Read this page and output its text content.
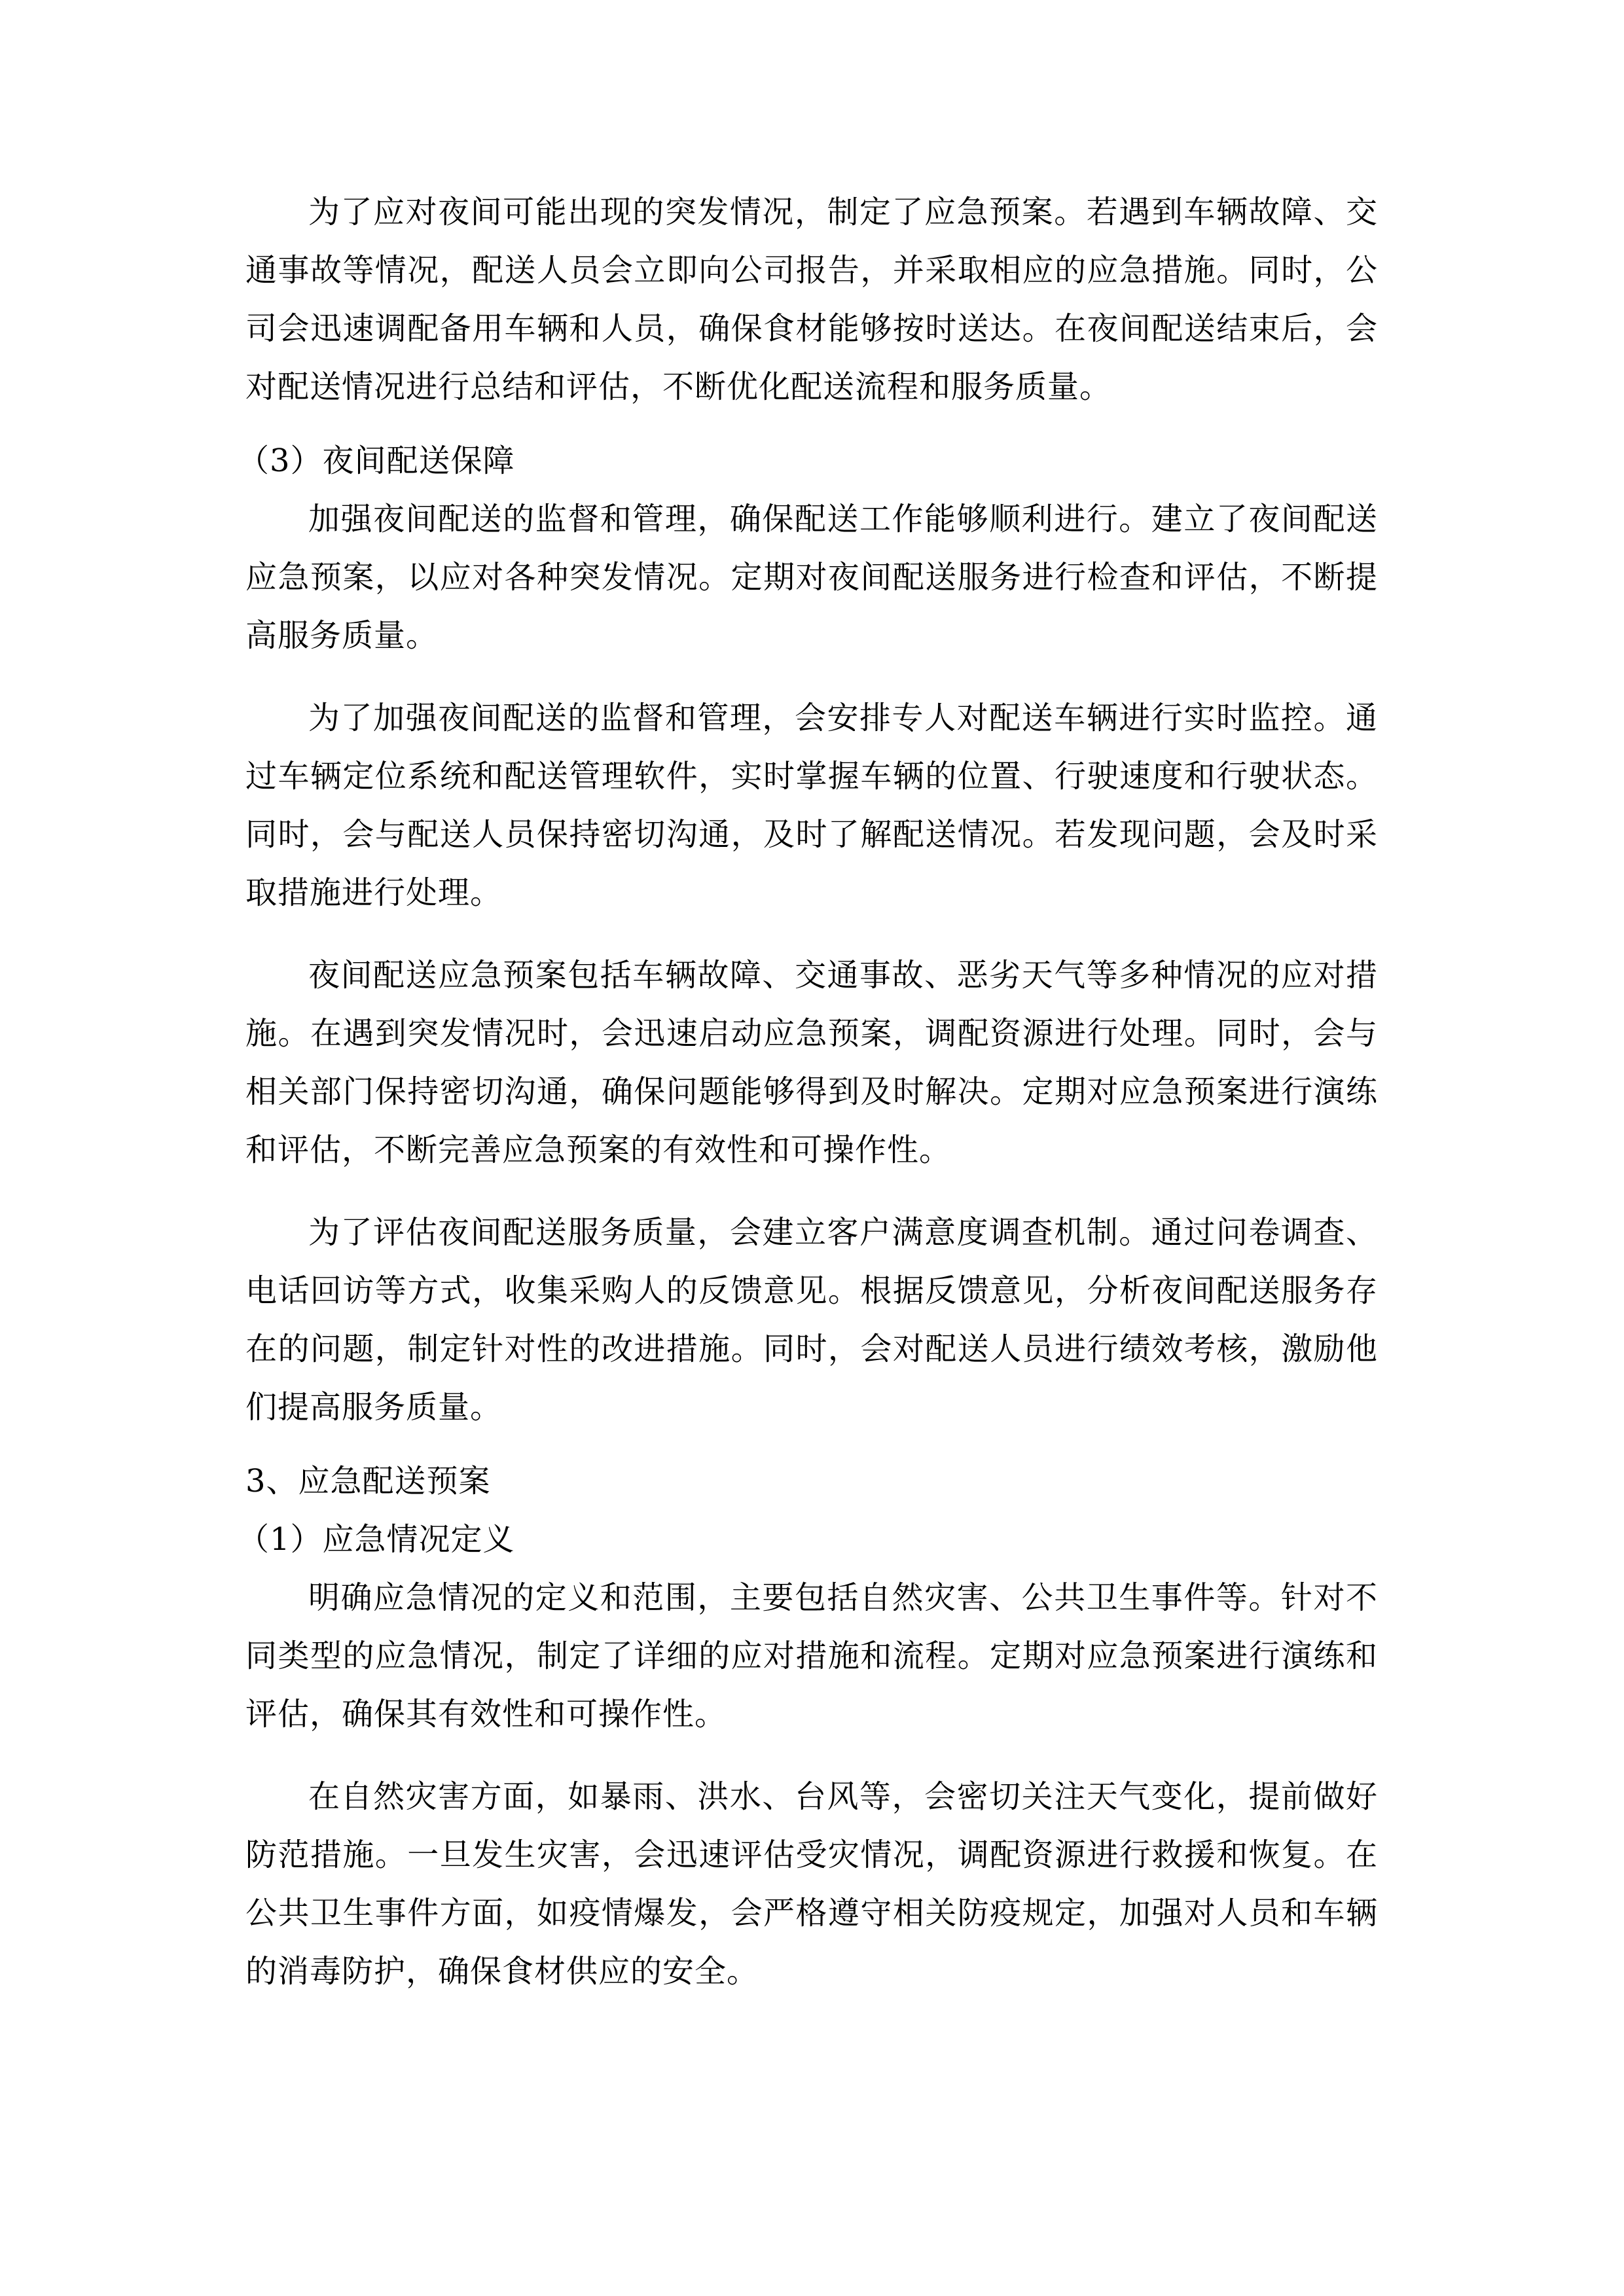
为了应对夜间可能出现的突发情况，制定了应急预案。若遇到车辆故障、交通事故等情况，配送人员会立即向公司报告，并采取相应的应急措施。同时，公司会迅速调配备用车辆和人员，确保食材能够按时送达。在夜间配送结束后，会对配送情况进行总结和评估，不断优化配送流程和服务质量。

（3）夜间配送保障

加强夜间配送的监督和管理，确保配送工作能够顺利进行。建立了夜间配送应急预案，以应对各种突发情况。定期对夜间配送服务进行检查和评估，不断提高服务质量。

为了加强夜间配送的监督和管理，会安排专人对配送车辆进行实时监控。通过车辆定位系统和配送管理软件，实时掌握车辆的位置、行驶速度和行驶状态。同时，会与配送人员保持密切沟通，及时了解配送情况。若发现问题，会及时采取措施进行处理。

夜间配送应急预案包括车辆故障、交通事故、恶劣天气等多种情况的应对措施。在遇到突发情况时，会迅速启动应急预案，调配资源进行处理。同时，会与相关部门保持密切沟通，确保问题能够得到及时解决。定期对应急预案进行演练和评估，不断完善应急预案的有效性和可操作性。

为了评估夜间配送服务质量，会建立客户满意度调查机制。通过问卷调查、电话回访等方式，收集采购人的反馈意见。根据反馈意见，分析夜间配送服务存在的问题，制定针对性的改进措施。同时，会对配送人员进行绩效考核，激励他们提高服务质量。

3、应急配送预案

（1）应急情况定义

明确应急情况的定义和范围，主要包括自然灾害、公共卫生事件等。针对不同类型的应急情况，制定了详细的应对措施和流程。定期对应急预案进行演练和评估，确保其有效性和可操作性。

在自然灾害方面，如暴雨、洪水、台风等，会密切关注天气变化，提前做好防范措施。一旦发生灾害，会迅速评估受灾情况，调配资源进行救援和恢复。在公共卫生事件方面，如疫情爆发，会严格遵守相关防疫规定，加强对人员和车辆的消毒防护，确保食材供应的安全。
